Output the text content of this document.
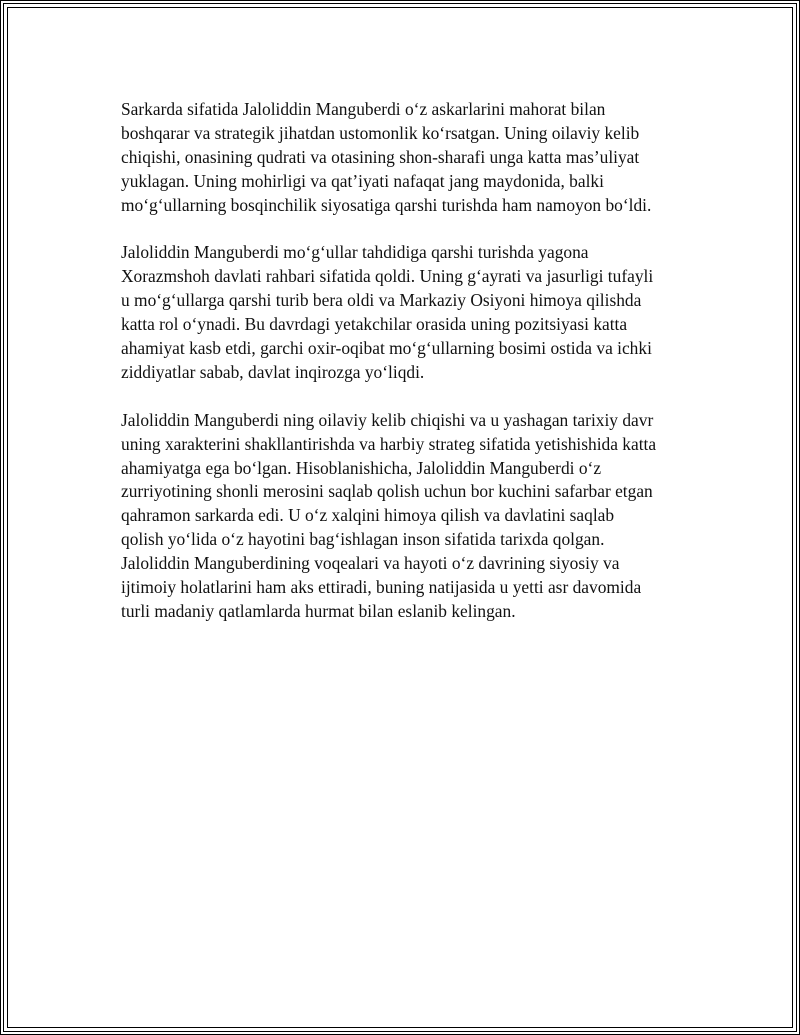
Sarkarda sifatida Jaloliddin Manguberdi o‘z askarlarini mahorat bilan
boshqarar va strategik jihatdan ustomonlik ko‘rsatgan. Uning oilaviy kelib
chiqishi, onasining qudrati va otasining shon-sharafi unga katta mas’uliyat
yuklagan. Uning mohirligi va qat’iyati nafaqat jang maydonida, balki
mo‘g‘ullarning bosqinchilik siyosatiga qarshi turishda ham namoyon bo‘ldi.

Jaloliddin Manguberdi mo‘g‘ullar tahdidiga qarshi turishda yagona
Xorazmshoh davlati rahbari sifatida qoldi. Uning g‘ayrati va jasurligi tufayli
u mo‘g‘ullarga qarshi turib bera oldi va Markaziy Osiyoni himoya qilishda
katta rol o‘ynadi. Bu davrdagi yetakchilar orasida uning pozitsiyasi katta
ahamiyat kasb etdi, garchi oxir-oqibat mo‘g‘ullarning bosimi ostida va ichki
ziddiyatlar sabab, davlat inqirozga yo‘liqdi.

Jaloliddin Manguberdi ning oilaviy kelib chiqishi va u yashagan tarixiy davr
uning xarakterini shakllantirishda va harbiy strateg sifatida yetishishida katta
ahamiyatga ega bo‘lgan. Hisoblanishicha, Jaloliddin Manguberdi o‘z
zurriyotining shonli merosini saqlab qolish uchun bor kuchini safarbar etgan
qahramon sarkarda edi. U o‘z xalqini himoya qilish va davlatini saqlab
qolish yo‘lida o‘z hayotini bag‘ishlagan inson sifatida tarixda qolgan.
Jaloliddin Manguberdining voqealari va hayoti o‘z davrining siyosiy va
ijtimoiy holatlarini ham aks ettiradi, buning natijasida u yetti asr davomida
turli madaniy qatlamlarda hurmat bilan eslanib kelingan.
